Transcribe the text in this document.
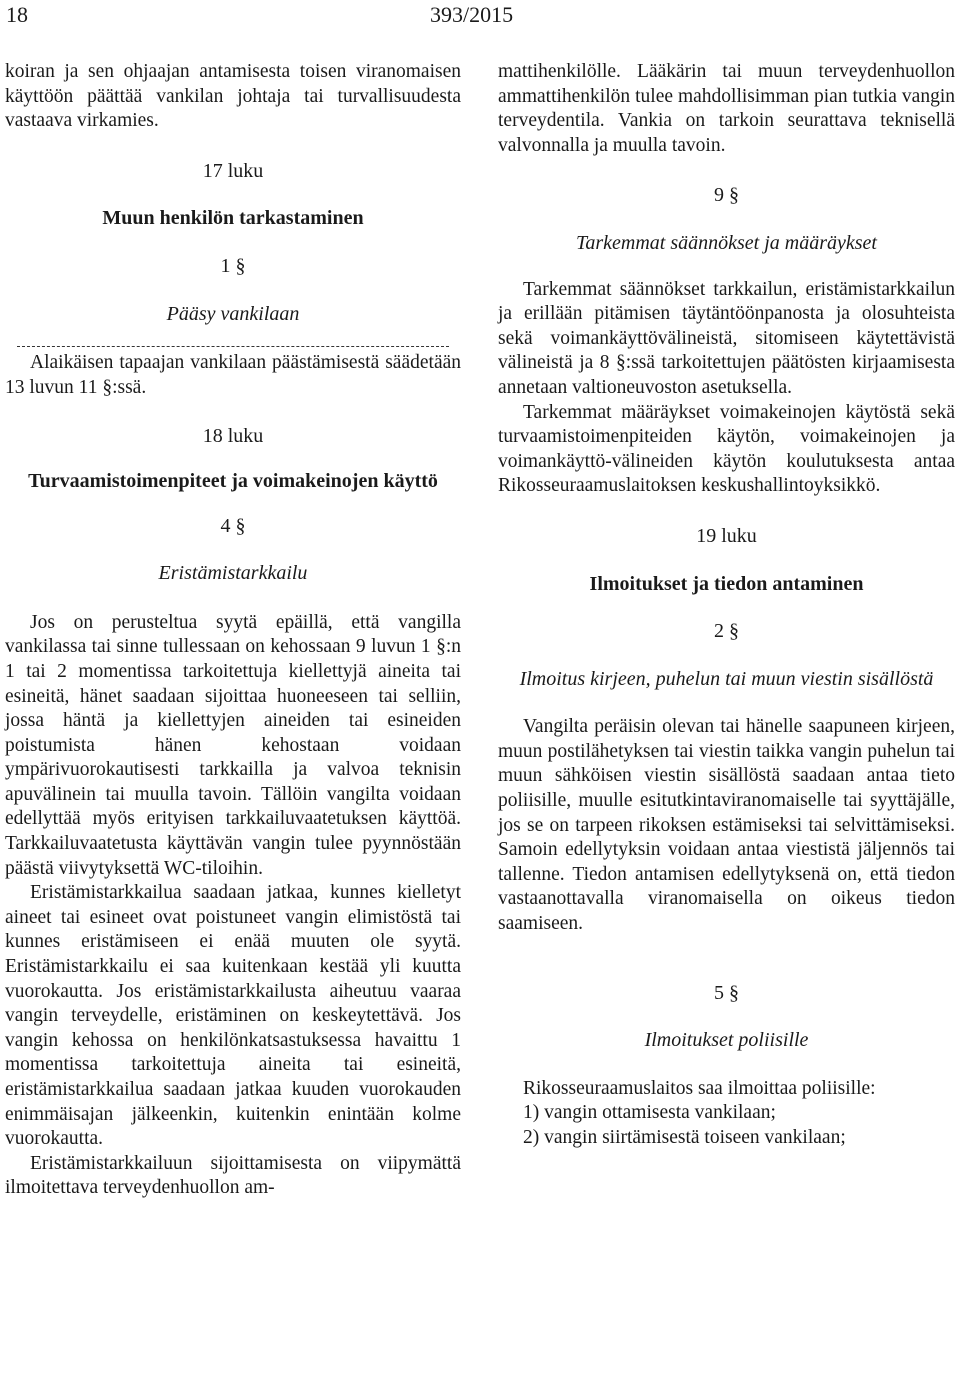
18	393/2015

koiran ja sen ohjaajan antamisesta toisen viranomaisen käyttöön päättää vankilan johtaja tai turvallisuudesta vastaava virkamies.

17 luku
Muun henkilön tarkastaminen
1 §
Pääsy vankilaan

Alaikäisen tapaajan vankilaan päästämisestä säädetään 13 luvun 11 §:ssä.

18 luku
Turvaamistoimenpiteet ja voimakeinojen käyttö
4 §
Eristämistarkkailu

Jos on perusteltua syytä epäillä, että vangilla vankilassa tai sinne tullessaan on kehossaan 9 luvun 1 §:n 1 tai 2 momentissa tarkoitettuja kiellettyjä aineita tai esineitä, hänet saadaan sijoittaa huoneeseen tai selliin, jossa häntä ja kiellettyjen aineiden tai esineiden poistumista hänen kehostaan voidaan ympärivuorokautisesti tarkkailla ja valvoa teknisin apuvälinein tai muulla tavoin. Tällöin vangilta voidaan edellyttää myös erityisen tarkkailuvaatetuksen käyttöä. Tarkkailuvaatetusta käyttävän vangin tulee pyynnöstään päästä viivytyksettä WC-tiloihin.

Eristämistarkkailua saadaan jatkaa, kunnes kielletyt aineet tai esineet ovat poistuneet vangin elimistöstä tai kunnes eristämiseen ei enää muuten ole syytä. Eristämistarkkailu ei saa kuitenkaan kestää yli kuutta vuorokautta. Jos eristämistarkkailusta aiheutuu vaaraa vangin terveydelle, eristäminen on keskeytettävä. Jos vangin kehossa on henkilönkatsastuksessa havaittu 1 momentissa tarkoitettuja aineita tai esineitä, eristämistarkkailua saadaan jatkaa kuuden vuorokauden enimmäisajan jälkeenkin, kuitenkin enintään kolme vuorokautta.

Eristämistarkkailuun sijoittamisesta on viipymättä ilmoitettava terveydenhuollon am-

mattihenkilölle. Lääkärin tai muun terveydenhuollon ammattihenkilön tulee mahdollisimman pian tutkia vangin terveydentila. Vankia on tarkoin seurattava teknisellä valvonnalla ja muulla tavoin.

9 §
Tarkemmat säännökset ja määräykset

Tarkemmat säännökset tarkkailun, eristämistarkkailun ja erillään pitämisen täytäntöönpanosta ja olosuhteista sekä voimankäyttövälineistä, sitomiseen käytettävistä välineistä ja 8 §:ssä tarkoitettujen päätösten kirjaamisesta annetaan valtioneuvoston asetuksella.

Tarkemmat määräykset voimakeinojen käytöstä sekä turvaamistoimenpiteiden käytön, voimakeinojen ja voimankäyttö-välineiden käytön koulutuksesta antaa Rikosseuraamuslaitoksen keskushallintoyksikkö.

19 luku
Ilmoitukset ja tiedon antaminen
2 §
Ilmoitus kirjeen, puhelun tai muun viestin sisällöstä

Vangilta peräisin olevan tai hänelle saapuneen kirjeen, muun postilähetyksen tai viestin taikka vangin puhelun tai muun sähköisen viestin sisällöstä saadaan antaa tieto poliisille, muulle esitutkintaviranomaiselle tai syyttäjälle, jos se on tarpeen rikoksen estämiseksi tai selvittämiseksi. Samoin edellytyksin voidaan antaa viestistä jäljennös tai tallenne. Tiedon antamisen edellytyksenä on, että tiedon vastaanottavalla viranomaisella on oikeus tiedon saamiseen.

5 §
Ilmoitukset poliisille

Rikosseuraamuslaitos saa ilmoittaa poliisille:

1) vangin ottamisesta vankilaan;

2) vangin siirtämisestä toiseen vankilaan;
